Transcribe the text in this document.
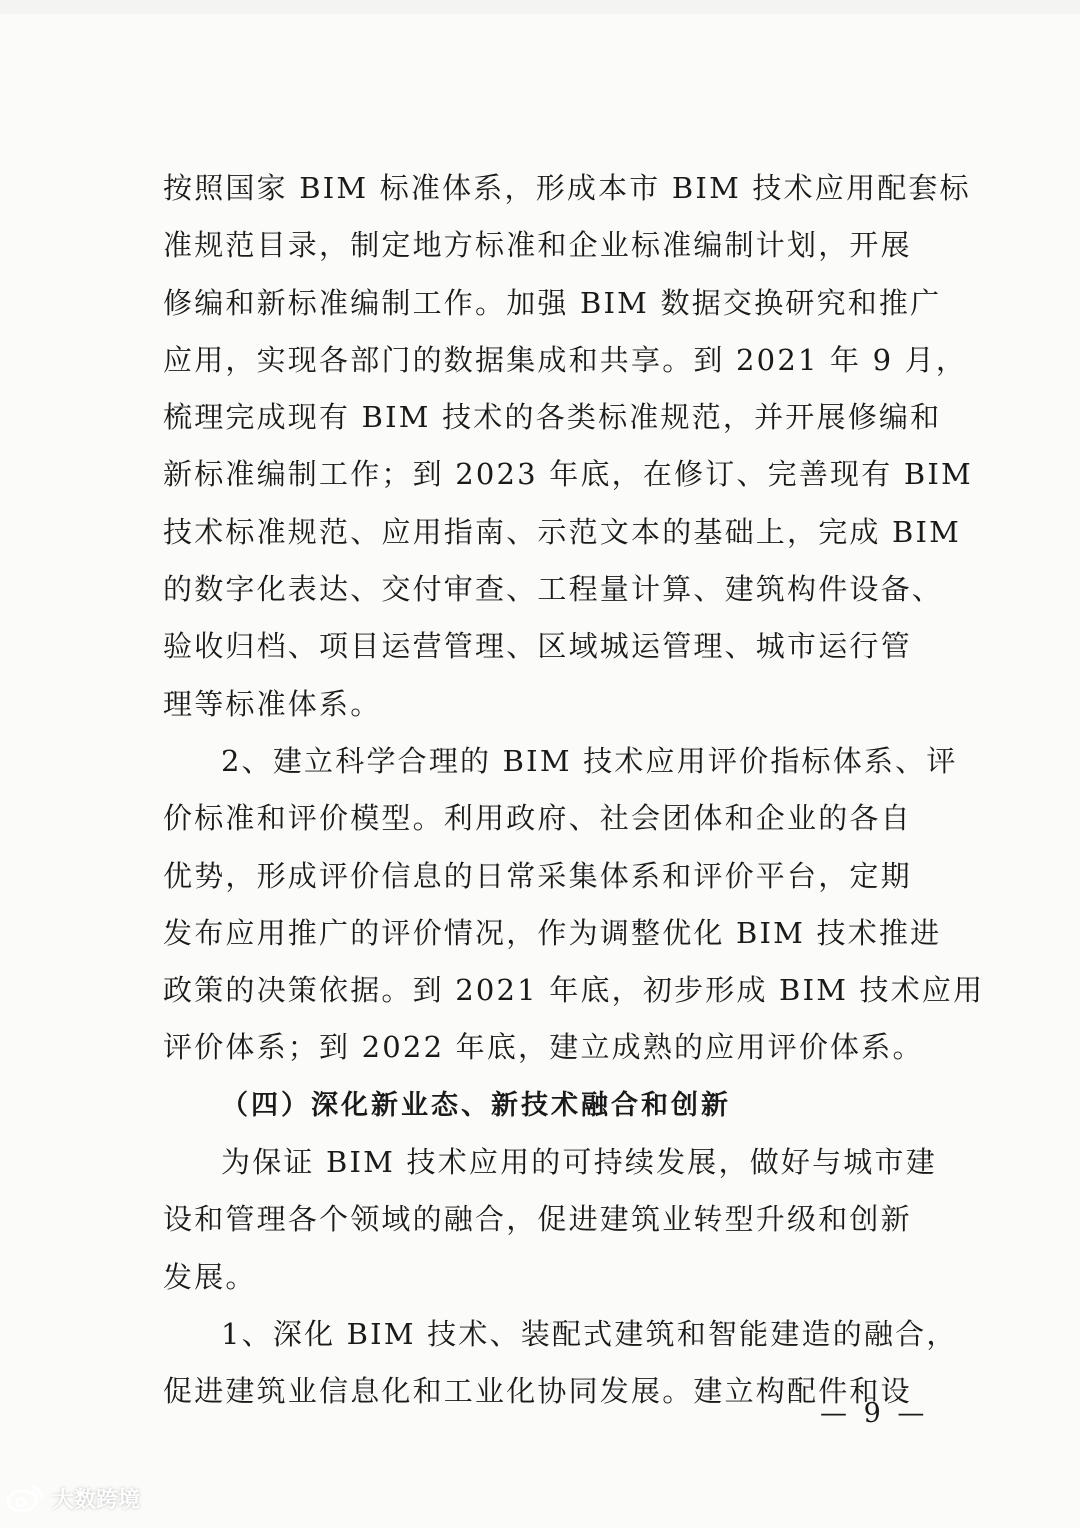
按照国家 BIM 标准体系，形成本市 BIM 技术应用配套标
准规范目录，制定地方标准和企业标准编制计划，开展
修编和新标准编制工作。加强 BIM 数据交换研究和推广
应用，实现各部门的数据集成和共享。到 2021 年 9 月，
梳理完成现有 BIM 技术的各类标准规范，并开展修编和
新标准编制工作；到 2023 年底，在修订、完善现有 BIM
技术标准规范、应用指南、示范文本的基础上，完成 BIM
的数字化表达、交付审查、工程量计算、建筑构件设备、
验收归档、项目运营管理、区域城运管理、城市运行管
理等标准体系。
2、建立科学合理的 BIM 技术应用评价指标体系、评
价标准和评价模型。利用政府、社会团体和企业的各自
优势，形成评价信息的日常采集体系和评价平台，定期
发布应用推广的评价情况，作为调整优化 BIM 技术推进
政策的决策依据。到 2021 年底，初步形成 BIM 技术应用
评价体系；到 2022 年底，建立成熟的应用评价体系。
（四）深化新业态、新技术融合和创新
为保证 BIM 技术应用的可持续发展，做好与城市建
设和管理各个领域的融合，促进建筑业转型升级和创新
发展。
1、深化 BIM 技术、装配式建筑和智能建造的融合，
促进建筑业信息化和工业化协同发展。建立构配件和设
— 9 —
大数跨境
